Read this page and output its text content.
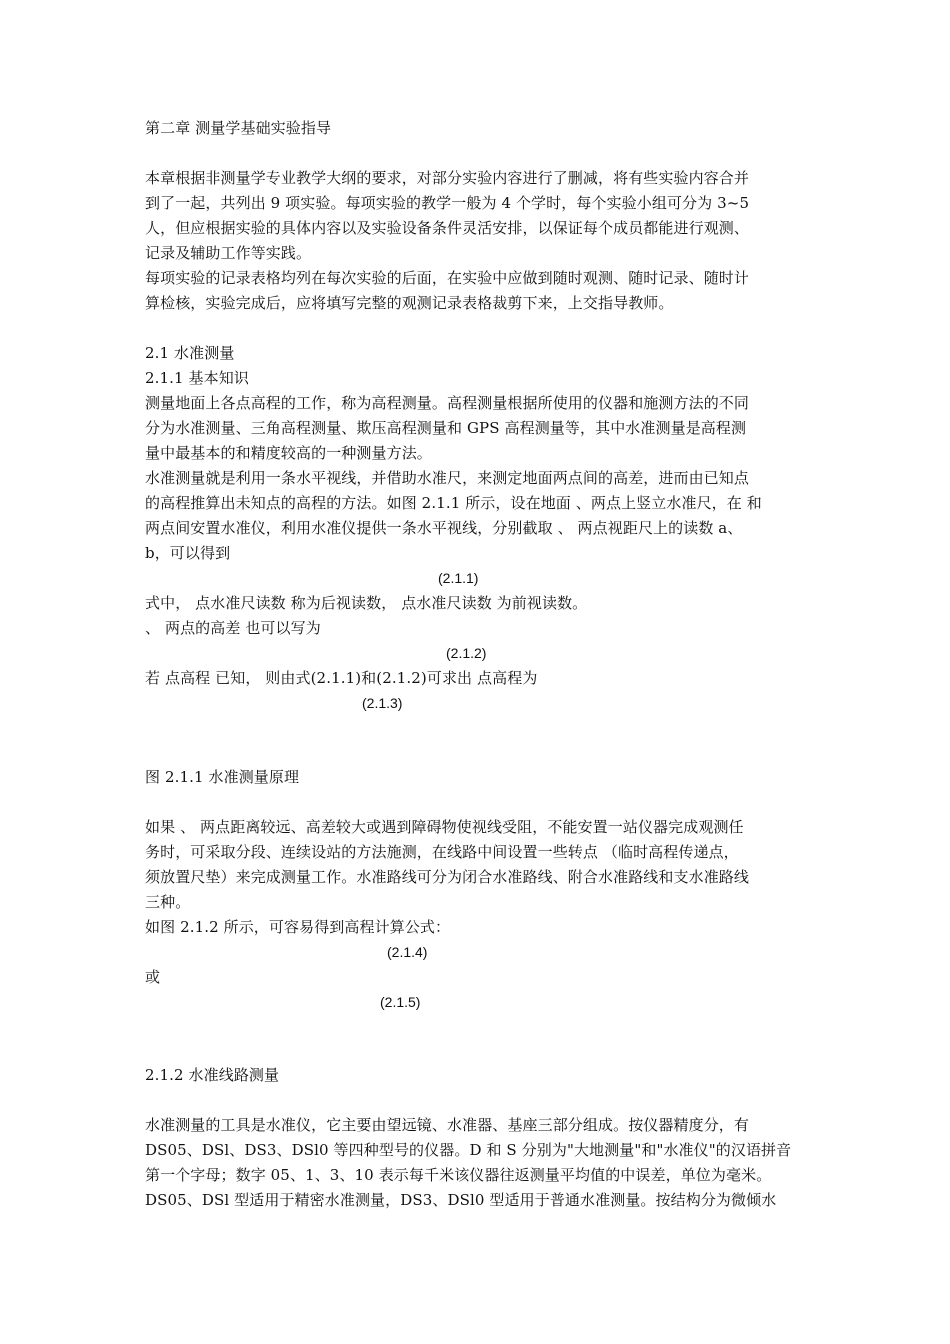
第二章 测量学基础实验指导
本章根据非测量学专业教学大纲的要求，对部分实验内容进行了删减，将有些实验内容合并
到了一起，共列出 9 项实验。每项实验的教学一般为 4 个学时，每个实验小组可分为 3~5
人，但应根据实验的具体内容以及实验设备条件灵活安排，以保证每个成员都能进行观测、
记录及辅助工作等实践。
每项实验的记录表格均列在每次实验的后面，在实验中应做到随时观测、随时记录、随时计
算检核，实验完成后，应将填写完整的观测记录表格裁剪下来，上交指导教师。
2.1 水准测量
2.1.1 基本知识
测量地面上各点高程的工作，称为高程测量。高程测量根据所使用的仪器和施测方法的不同
分为水准测量、三角高程测量、欺压高程测量和 GPS 高程测量等，其中水准测量是高程测
量中最基本的和精度较高的一种测量方法。
水准测量就是利用一条水平视线，并借助水准尺，来测定地面两点间的高差，进而由已知点
的高程推算出未知点的高程的方法。如图 2.1.1 所示，设在地面 、两点上竖立水准尺，在 和
两点间安置水准仪，利用水准仪提供一条水平视线，分别截取 、 两点视距尺上的读数 a、
b，可以得到
(2.1.1)
式中， 点水准尺读数 称为后视读数， 点水准尺读数 为前视读数。
、 两点的高差 也可以写为
(2.1.2)
若 点高程 已知， 则由式(2.1.1)和(2.1.2)可求出 点高程为
(2.1.3)
图 2.1.1 水准测量原理
如果 、 两点距离较远、高差较大或遇到障碍物使视线受阻，不能安置一站仪器完成观测任
务时，可采取分段、连续设站的方法施测，在线路中间设置一些转点 （临时高程传递点，
须放置尺垫）来完成测量工作。水准路线可分为闭合水准路线、附合水准路线和支水准路线
三种。
如图 2.1.2 所示，可容易得到高程计算公式：
(2.1.4)
或
(2.1.5)
2.1.2 水准线路测量
水准测量的工具是水准仪，它主要由望远镜、水准器、基座三部分组成。按仪器精度分，有
DS05、DSl、DS3、DSl0 等四种型号的仪器。D 和 S 分别为"大地测量"和"水准仪"的汉语拼音
第一个字母；数字 05、1、3、10 表示每千米该仪器往返测量平均值的中误差，单位为毫米。
DS05、DSl 型适用于精密水准测量，DS3、DSl0 型适用于普通水准测量。按结构分为微倾水
